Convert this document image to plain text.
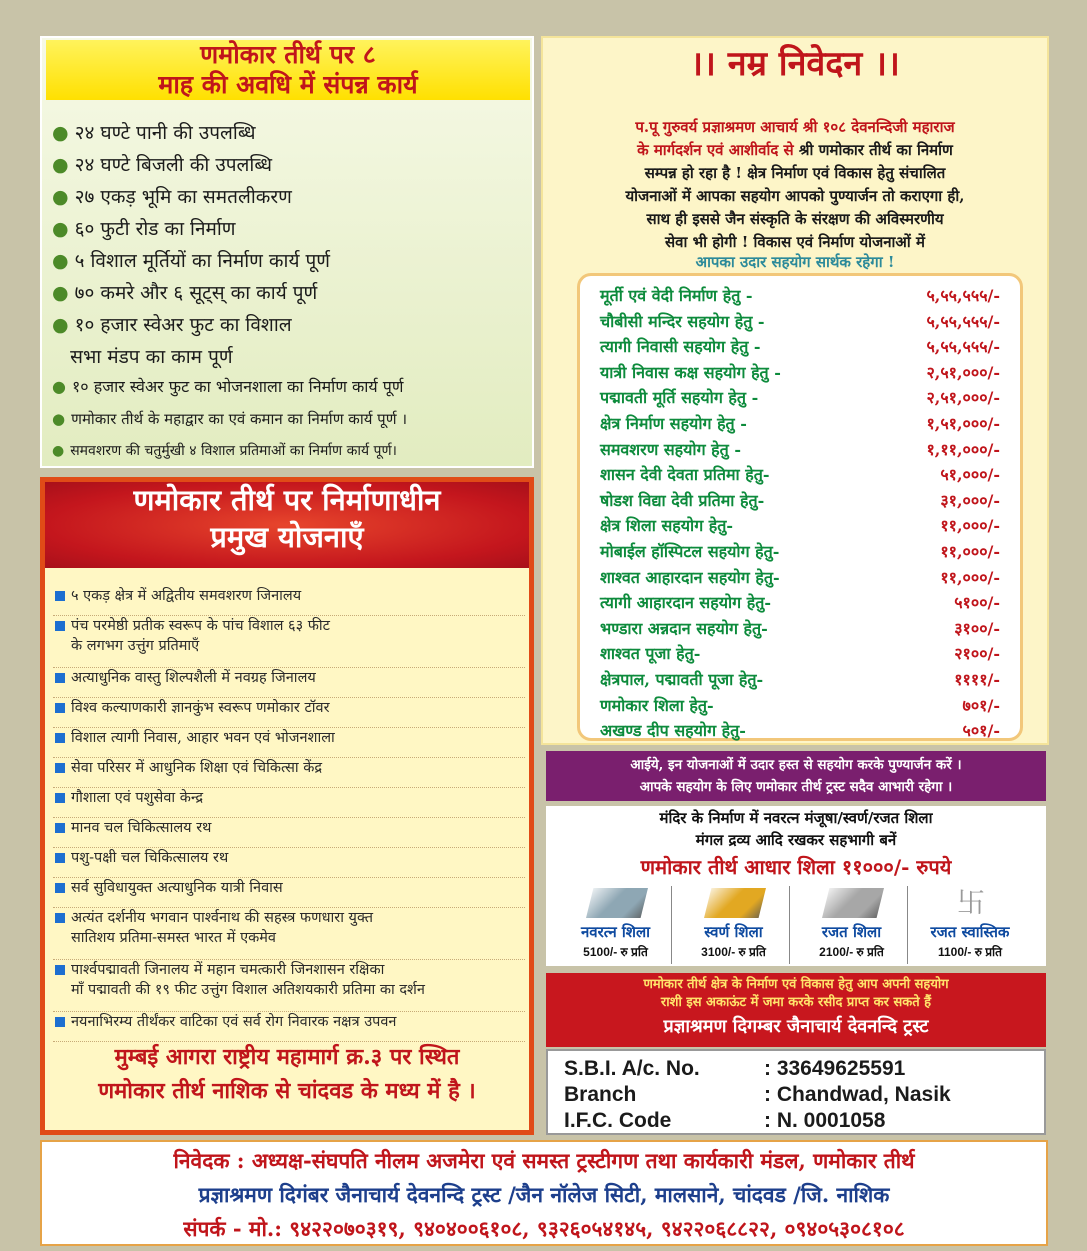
णमोकार तीर्थ पर ८
माह की अवधि में संपन्न कार्य
● २४ घण्टे पानी की उपलब्धि
● २४ घण्टे बिजली की उपलब्धि
● २७ एकड़ भूमि का समतलीकरण
● ६० फुटी रोड का निर्माण
● ५ विशाल मूर्तियों का निर्माण कार्य पूर्ण
● ७० कमरे और ६ सूट्स् का कार्य पूर्ण
● १० हजार स्वेअर फुट का विशाल
सभा मंडप का काम पूर्ण
● १० हजार स्वेअर फुट का भोजनशाला का निर्माण कार्य पूर्ण
● णमोकार तीर्थ के महाद्वार का एवं कमान का निर्माण कार्य पूर्ण ।
● समवशरण की चतुर्मुखी ४ विशाल प्रतिमाओं का निर्माण कार्य पूर्ण।
णमोकार तीर्थ पर निर्माणाधीन
प्रमुख योजनाएँ
५ एकड़ क्षेत्र में अद्वितीय समवशरण जिनालय
पंच परमेष्ठी प्रतीक स्वरूप के पांच विशाल ६३ फीट
के लगभग उत्तुंग प्रतिमाएँ
अत्याधुनिक वास्तु शिल्पशैली में नवग्रह जिनालय
विश्व कल्याणकारी ज्ञानकुंभ स्वरूप णमोकार टॉवर
विशाल त्यागी निवास, आहार भवन एवं भोजनशाला
सेवा परिसर में आधुनिक शिक्षा एवं चिकित्सा केंद्र
गौशाला एवं पशुसेवा केन्द्र
मानव चल चिकित्सालय रथ
पशु-पक्षी चल चिकित्सालय रथ
सर्व सुविधायुक्त अत्याधुनिक यात्री निवास
अत्यंत दर्शनीय भगवान पार्श्वनाथ की सहस्त्र फणधारा युक्त
सातिशय प्रतिमा-समस्त भारत में एकमेव
पार्श्वपद्मावती जिनालय में महान चमत्कारी जिनशासन रक्षिका
माँ पद्मावती की १९ फीट उत्तुंग विशाल अतिशयकारी प्रतिमा का दर्शन
नयनाभिरम्य तीर्थंकर वाटिका एवं सर्व रोग निवारक नक्षत्र उपवन
मुम्बई आगरा राष्ट्रीय महामार्ग क्र.३ पर स्थित
णमोकार तीर्थ नाशिक से चांदवड के मध्य में है ।
।। नम्र निवेदन ।।
प.पू गुरुवर्य प्रज्ञाश्रमण आचार्य श्री १०८ देवनन्दिजी महाराज
के मार्गदर्शन एवं आशीर्वाद से श्री णमोकार तीर्थ का निर्माण
सम्पन्न हो रहा है ! क्षेत्र निर्माण एवं विकास हेतु संचालित
योजनाओं में आपका सहयोग आपको पुण्यार्जन तो कराएगा ही,
साथ ही इससे जैन संस्कृति के संरक्षण की अविस्मरणीय
सेवा भी होगी ! विकास एवं निर्माण योजनाओं में
आपका उदार सहयोग सार्थक रहेगा !
मूर्ती एवं वेदी निर्माण हेतु -	५,५५,५५५/-
चौबीसी मन्दिर सहयोग हेतु -	५,५५,५५५/-
त्यागी निवासी सहयोग हेतु -	५,५५,५५५/-
यात्री निवास कक्ष सहयोग हेतु -	२,५१,०००/-
पद्मावती मूर्ति सहयोग हेतु -	२,५१,०००/-
क्षेत्र निर्माण सहयोग हेतु -	१,५१,०००/-
समवशरण सहयोग हेतु -	१,११,०००/-
शासन देवी देवता प्रतिमा हेतु-	५१,०००/-
षोडश विद्या देवी प्रतिमा हेतु-	३१,०००/-
क्षेत्र शिला सहयोग हेतु-	११,०००/-
मोबाईल हॉस्पिटल सहयोग हेतु-	११,०००/-
शाश्वत आहारदान सहयोग हेतु-	११,०००/-
त्यागी आहारदान सहयोग हेतु-	५१००/-
भण्डारा अन्नदान सहयोग हेतु-	३१००/-
शाश्वत पूजा हेतु-	२१००/-
क्षेत्रपाल, पद्मावती पूजा हेतु-	११११/-
णमोकार शिला हेतु-	७०१/-
अखण्ड दीप सहयोग हेतु-	५०१/-
आईये, इन योजनाओं में उदार हस्त से सहयोग करके पुण्यार्जन करें ।
आपके सहयोग के लिए णमोकार तीर्थ ट्रस्ट सदैव आभारी रहेगा ।
मंदिर के निर्माण में नवरत्न मंजूषा/स्वर्ण/रजत शिला
मंगल द्रव्य आदि रखकर सहभागी बनें
णमोकार तीर्थ आधार शिला ११०००/- रुपये
नवरत्न शिला
5100/- रु प्रति
स्वर्ण शिला
3100/- रु प्रति
रजत शिला
2100/- रु प्रति
卐
रजत स्वास्तिक
1100/- रु प्रति
णमोकार तीर्थ क्षेत्र के निर्माण एवं विकास हेतु आप अपनी सहयोग
राशी इस अकाऊंट में जमा करके रसीद प्राप्त कर सकते हैं
प्रज्ञाश्रमण दिगम्बर जैनाचार्य देवनन्दि ट्रस्ट
S.B.I. A/c. No.	: 33649625591
Branch	: Chandwad, Nasik
I.F.C. Code	: N. 0001058
निवेदक : अध्यक्ष-संघपति नीलम अजमेरा एवं समस्त ट्रस्टीगण तथा कार्यकारी मंडल, णमोकार तीर्थ
प्रज्ञाश्रमण दिगंबर जैनाचार्य देवनन्दि ट्रस्ट /जैन नॉलेज सिटी, मालसाने, चांदवड /जि. नाशिक
संपर्क - मो.: ९४२२०७०३१९, ९४०४००६१०८, ९३२६०५४१४५, ९४२२०६८८२२, ०९४०५३०८१०८
